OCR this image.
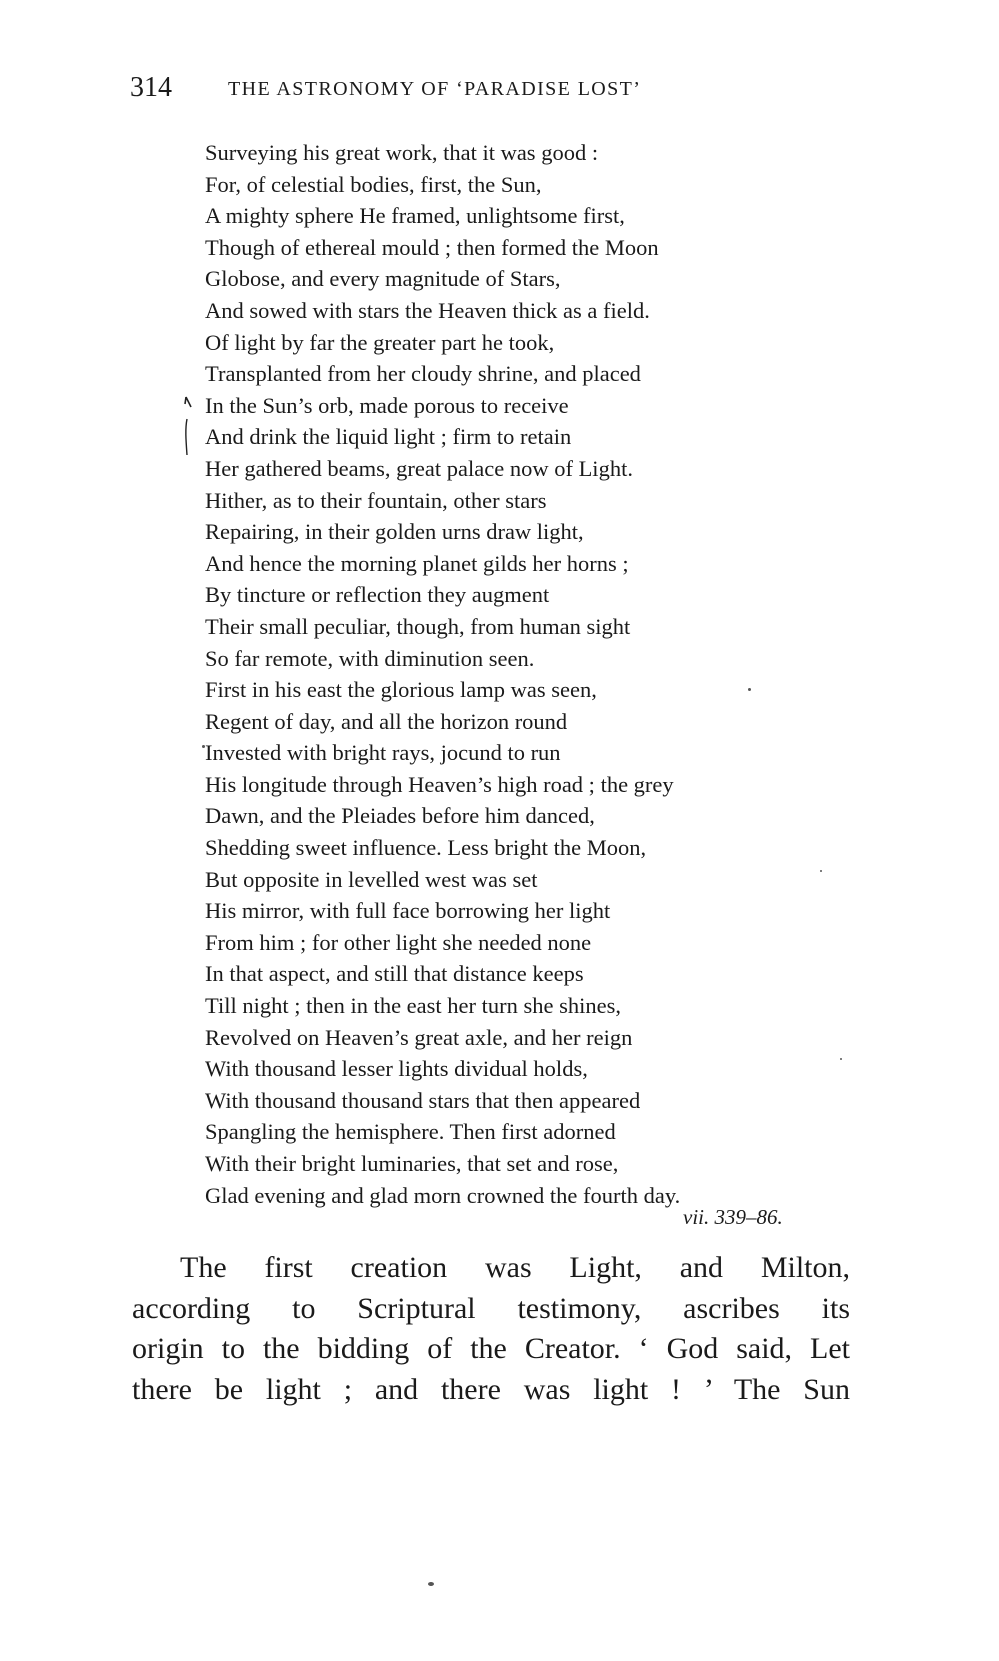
314	THE ASTRONOMY OF ‘PARADISE LOST’
Surveying his great work, that it was good :
For, of celestial bodies, first, the Sun,
A mighty sphere He framed, unlightsome first,
Though of ethereal mould ; then formed the Moon
Globose, and every magnitude of Stars,
And sowed with stars the Heaven thick as a field.
Of light by far the greater part he took,
Transplanted from her cloudy shrine, and placed
In the Sun’s orb, made porous to receive
And drink the liquid light ; firm to retain
Her gathered beams, great palace now of Light.
Hither, as to their fountain, other stars
Repairing, in their golden urns draw light,
And hence the morning planet gilds her horns ;
By tincture or reflection they augment
Their small peculiar, though, from human sight
So far remote, with diminution seen.
First in his east the glorious lamp was seen,
Regent of day, and all the horizon round
Invested with bright rays, jocund to run
His longitude through Heaven’s high road ; the grey
Dawn, and the Pleiades before him danced,
Shedding sweet influence. Less bright the Moon,
But opposite in levelled west was set
His mirror, with full face borrowing her light
From him ; for other light she needed none
In that aspect, and still that distance keeps
Till night ; then in the east her turn she shines,
Revolved on Heaven’s great axle, and her reign
With thousand lesser lights dividual holds,
With thousand thousand stars that then appeared
Spangling the hemisphere. Then first adorned
With their bright luminaries, that set and rose,
Glad evening and glad morn crowned the fourth day.
vii. 339–86.
The first creation was Light, and Milton,
according to Scriptural testimony, ascribes its
origin to the bidding of the Creator. ‘ God said, Let
there be light ; and there was light ! ’ The Sun
